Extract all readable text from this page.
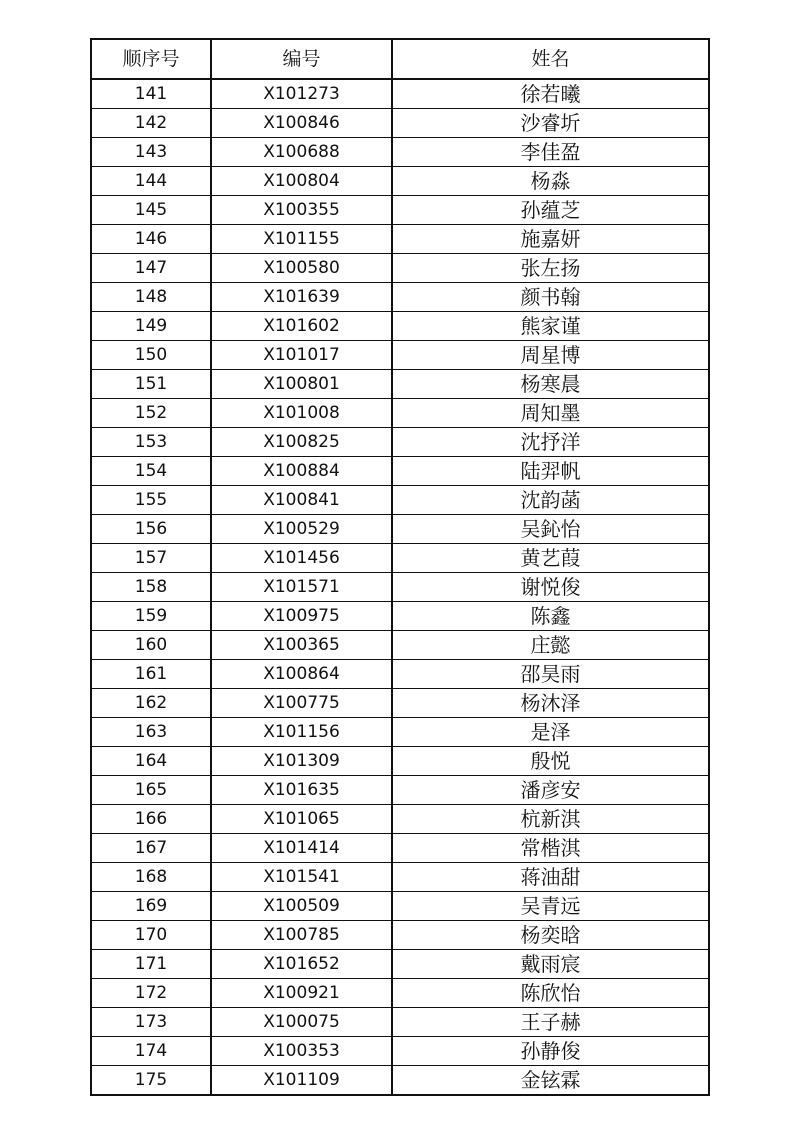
顺序号	编号	姓名
141	X101273	徐若曦
142	X100846	沙睿圻
143	X100688	李佳盈
144	X100804	杨淼
145	X100355	孙蕴芝
146	X101155	施嘉妍
147	X100580	张左扬
148	X101639	颜书翰
149	X101602	熊家谨
150	X101017	周星博
151	X100801	杨寒晨
152	X101008	周知墨
153	X100825	沈抒洋
154	X100884	陆羿帆
155	X100841	沈韵菡
156	X100529	吴鈊怡
157	X101456	黄艺葭
158	X101571	谢悦俊
159	X100975	陈鑫
160	X100365	庄懿
161	X100864	邵昊雨
162	X100775	杨沐泽
163	X101156	是泽
164	X101309	殷悦
165	X101635	潘彦安
166	X101065	杭新淇
167	X101414	常楷淇
168	X101541	蒋油甜
169	X100509	吴青远
170	X100785	杨奕晗
171	X101652	戴雨宸
172	X100921	陈欣怡
173	X100075	王子赫
174	X100353	孙静俊
175	X101109	金铉霖
